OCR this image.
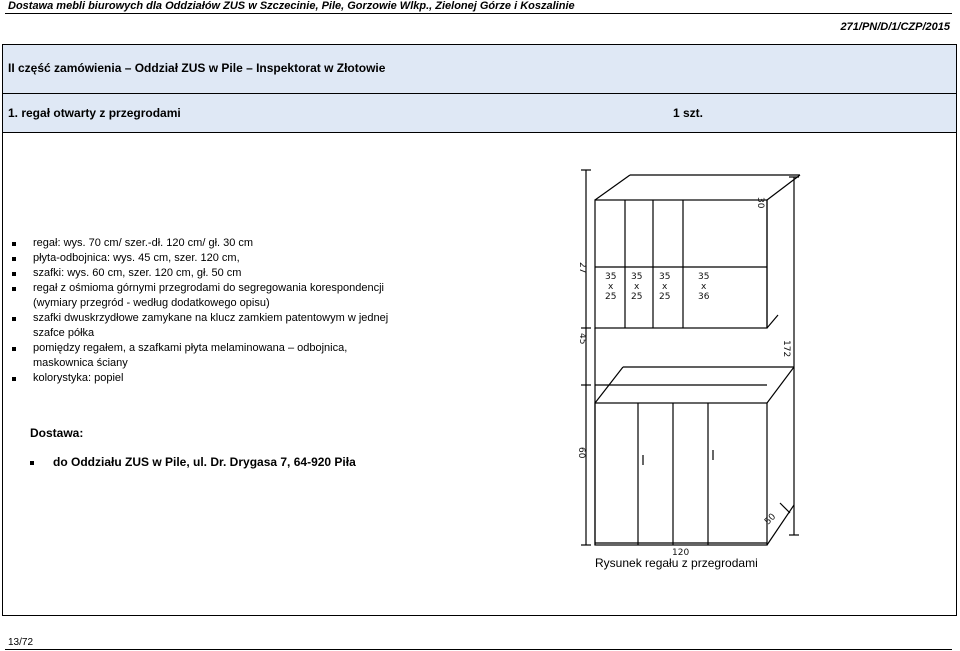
Dostawa mebli biurowych dla Oddziałów ZUS w Szczecinie, Pile, Gorzowie Wlkp., Zielonej Górze i Koszalinie
271/PN/D/1/CZP/2015
II część zamówienia – Oddział ZUS w Pile – Inspektorat w Złotowie
1. regał otwarty z przegrodami	1 szt.
regał: wys. 70 cm/ szer.-dł. 120 cm/ gł. 30 cm
płyta-odbojnica: wys. 45 cm, szer. 120 cm,
szafki: wys. 60 cm, szer. 120 cm, gł. 50 cm
regał z ośmioma górnymi przegrodami do segregowania korespondencji (wymiary przegród - według dodatkowego opisu)
szafki dwuskrzydłowe zamykane na klucz zamkiem patentowym w jednej szafce półka
pomiędzy regałem, a szafkami płyta melaminowana – odbojnica, maskownica ściany
kolorystyka: popiel
Dostawa:
do Oddziału ZUS w Pile, ul. Dr. Drygasa 7, 64-920 Piła
35
x
25
35
x
25
35
x
25
35
x
36
27
45
60
30
172
50
120
Rysunek regału z przegrodami
13/72
